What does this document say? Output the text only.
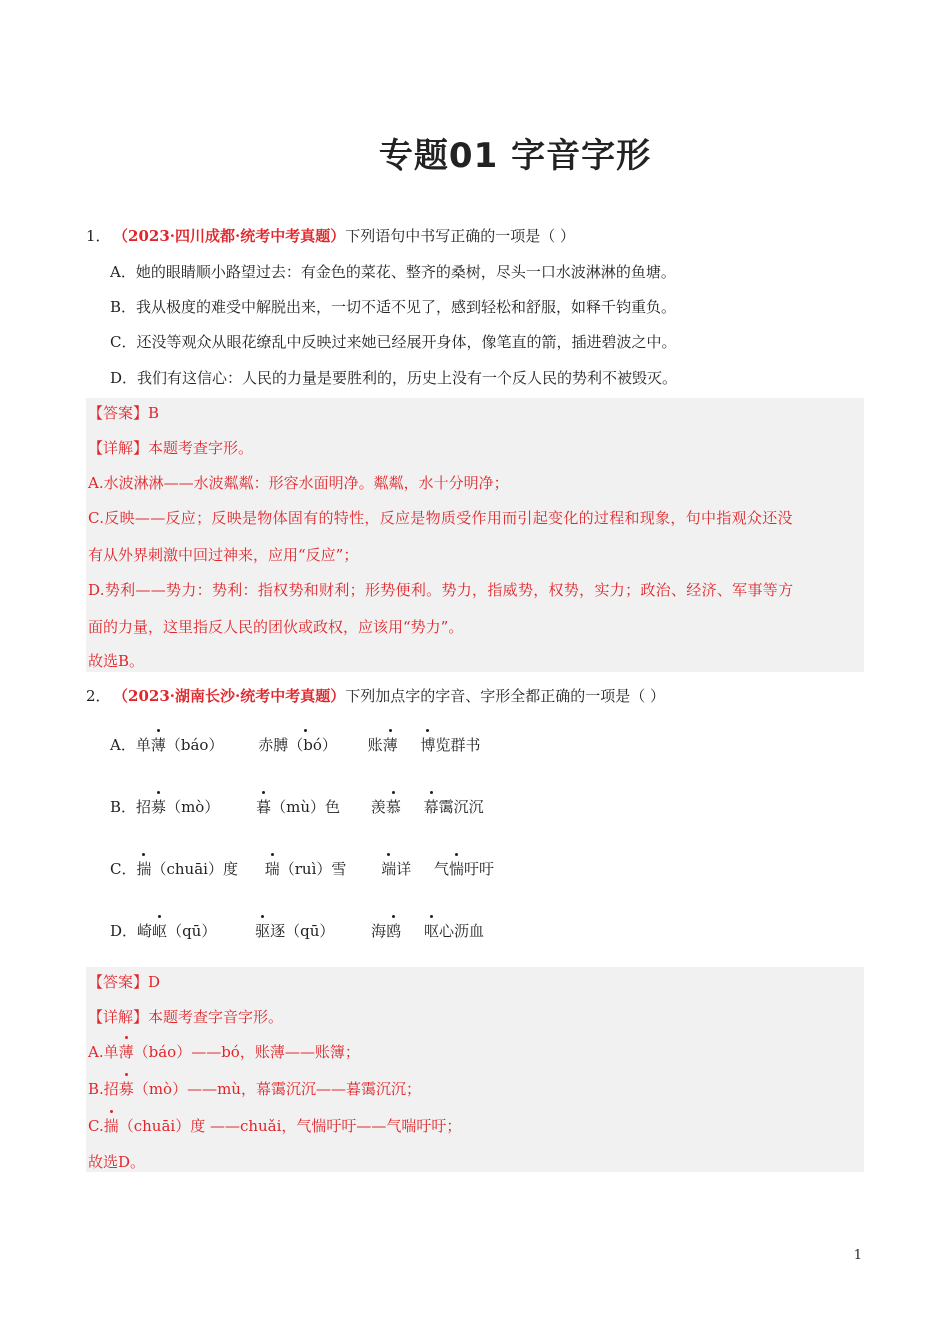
专题01 字音字形
1． （2023·四川成都·统考中考真题）下列语句中书写正确的一项是（ ）
A．她的眼睛顺小路望过去：有金色的菜花、整齐的桑树，尽头一口水波淋淋的鱼塘。
B．我从极度的难受中解脱出来，一切不适不见了，感到轻松和舒服，如释千钧重负。
C．还没等观众从眼花缭乱中反映过来她已经展开身体，像笔直的箭，插进碧波之中。
D．我们有这信心：人民的力量是要胜利的，历史上没有一个反人民的势利不被毁灭。
【答案】B
【详解】本题考查字形。
A.水波淋淋——水波粼粼：形容水面明净。粼粼，水十分明净；
C.反映——反应；反映是物体固有的特性，反应是物质受作用而引起变化的过程和现象，句中指观众还没
有从外界刺激中回过神来，应用“反应”；
D.势利——势力：势利：指权势和财利；形势便利。势力，指威势，权势，实力；政治、经济、军事等方
面的力量，这里指反人民的团伙或政权，应该用“势力”。
故选B。
2． （2023·湖南长沙·统考中考真题）下列加点字的字音、字形全都正确的一项是（ ）
A．单薄（báo） 赤膊（bó） 账薄 博览群书
B．招募（mò） 暮（mù）色 羡慕 幕霭沉沉
C．揣（chuāi）度 瑞（ruì）雪 端详 气惴吁吁
D．崎岖（qū）	驱逐（qū） 海鸥 呕心沥血
【答案】D
【详解】本题考查字音字形。
A.单薄（báo）——bó，账薄——账簿；
B.招募（mò）——mù，幕霭沉沉——暮霭沉沉；
C.揣（chuāi）度 ——chuǎi，气惴吁吁——气喘吁吁；
故选D。
1
